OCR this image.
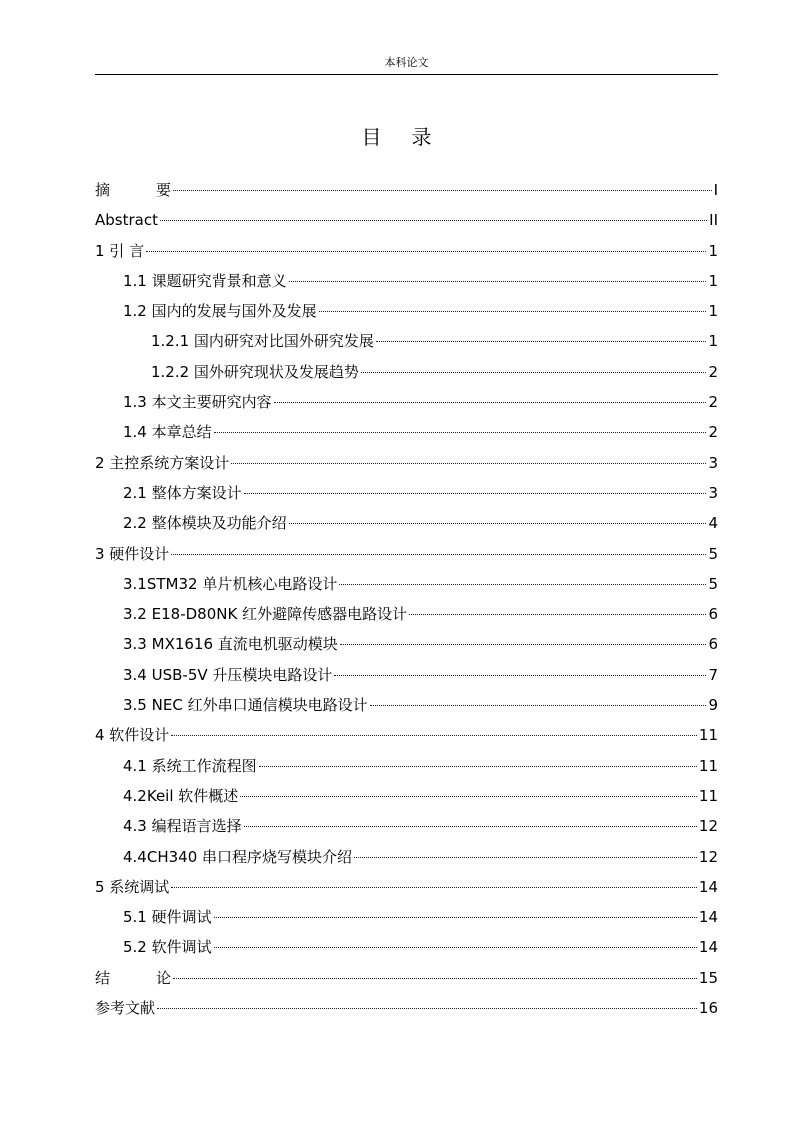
本科论文
目 录
摘	要	I
Abstract	II
1 引 言	1
1.1 课题研究背景和意义	1
1.2 国内的发展与国外及发展	1
1.2.1 国内研究对比国外研究发展	1
1.2.2 国外研究现状及发展趋势	2
1.3 本文主要研究内容	2
1.4 本章总结	2
2 主控系统方案设计	3
2.1 整体方案设计	3
2.2 整体模块及功能介绍	4
3 硬件设计	5
3.1STM32 单片机核心电路设计	5
3.2 E18-D80NK 红外避障传感器电路设计	6
3.3 MX1616 直流电机驱动模块	6
3.4 USB-5V 升压模块电路设计	7
3.5 NEC 红外串口通信模块电路设计	9
4 软件设计	11
4.1 系统工作流程图	11
4.2Keil 软件概述	11
4.3 编程语言选择	12
4.4CH340 串口程序烧写模块介绍	12
5 系统调试	14
5.1 硬件调试	14
5.2 软件调试	14
结	论	15
参考文献	16
